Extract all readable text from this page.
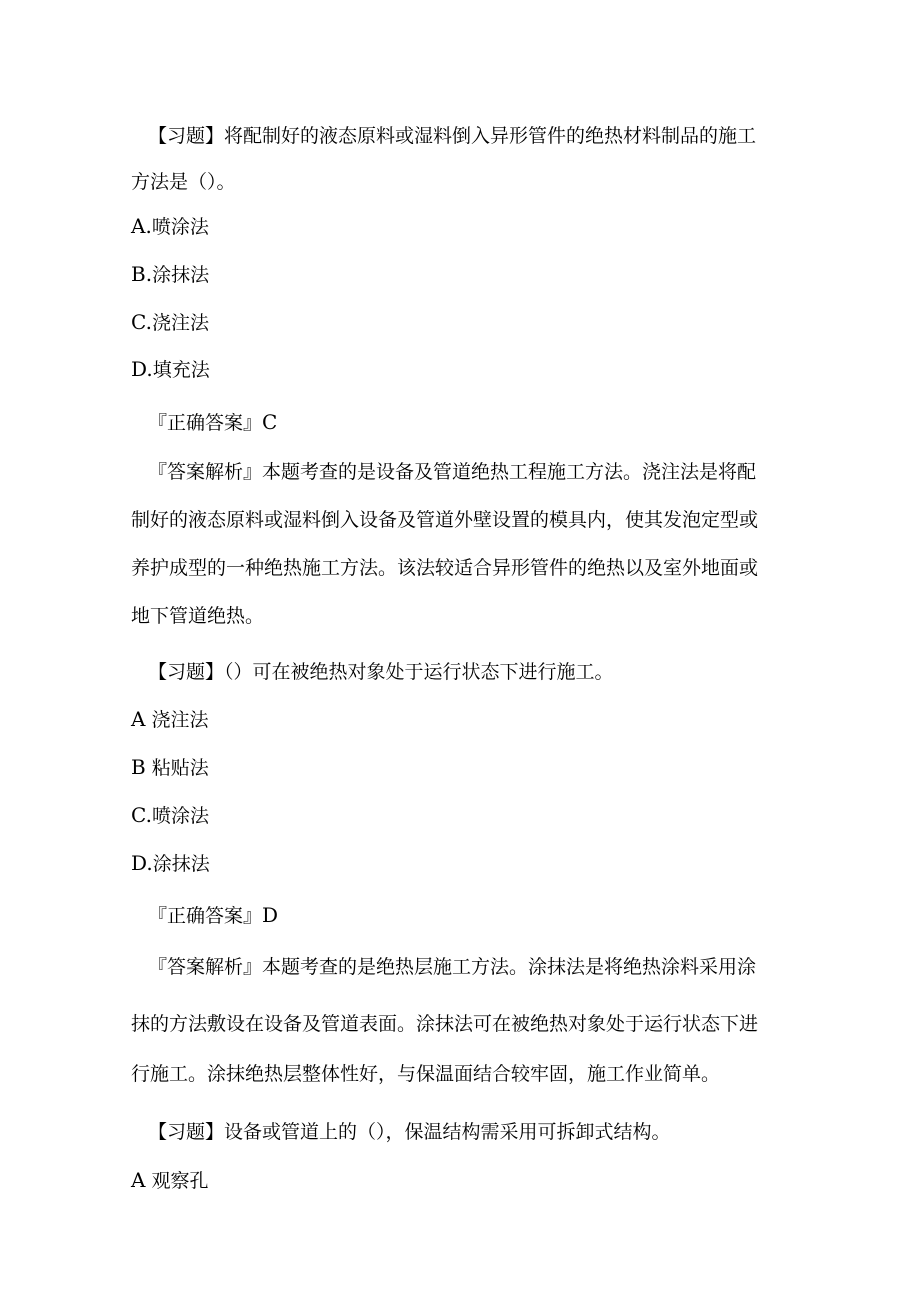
【习题】将配制好的液态原料或湿料倒入异形管件的绝热材料制品的施工
方法是（）。
A.喷涂法
B.涂抹法
C.浇注法
D.填充法
『正确答案』C
『答案解析』本题考查的是设备及管道绝热工程施工方法。浇注法是将配
制好的液态原料或湿料倒入设备及管道外壁设置的模具内，使其发泡定型或
养护成型的一种绝热施工方法。该法较适合异形管件的绝热以及室外地面或
地下管道绝热。
【习题】（）可在被绝热对象处于运行状态下进行施工。
A 浇注法
B 粘贴法
C.喷涂法
D.涂抹法
『正确答案』D
『答案解析』本题考查的是绝热层施工方法。涂抹法是将绝热涂料采用涂
抹的方法敷设在设备及管道表面。涂抹法可在被绝热对象处于运行状态下进
行施工。涂抹绝热层整体性好，与保温面结合较牢固，施工作业简单。
【习题】设备或管道上的（），保温结构需采用可拆卸式结构。
A 观察孔
